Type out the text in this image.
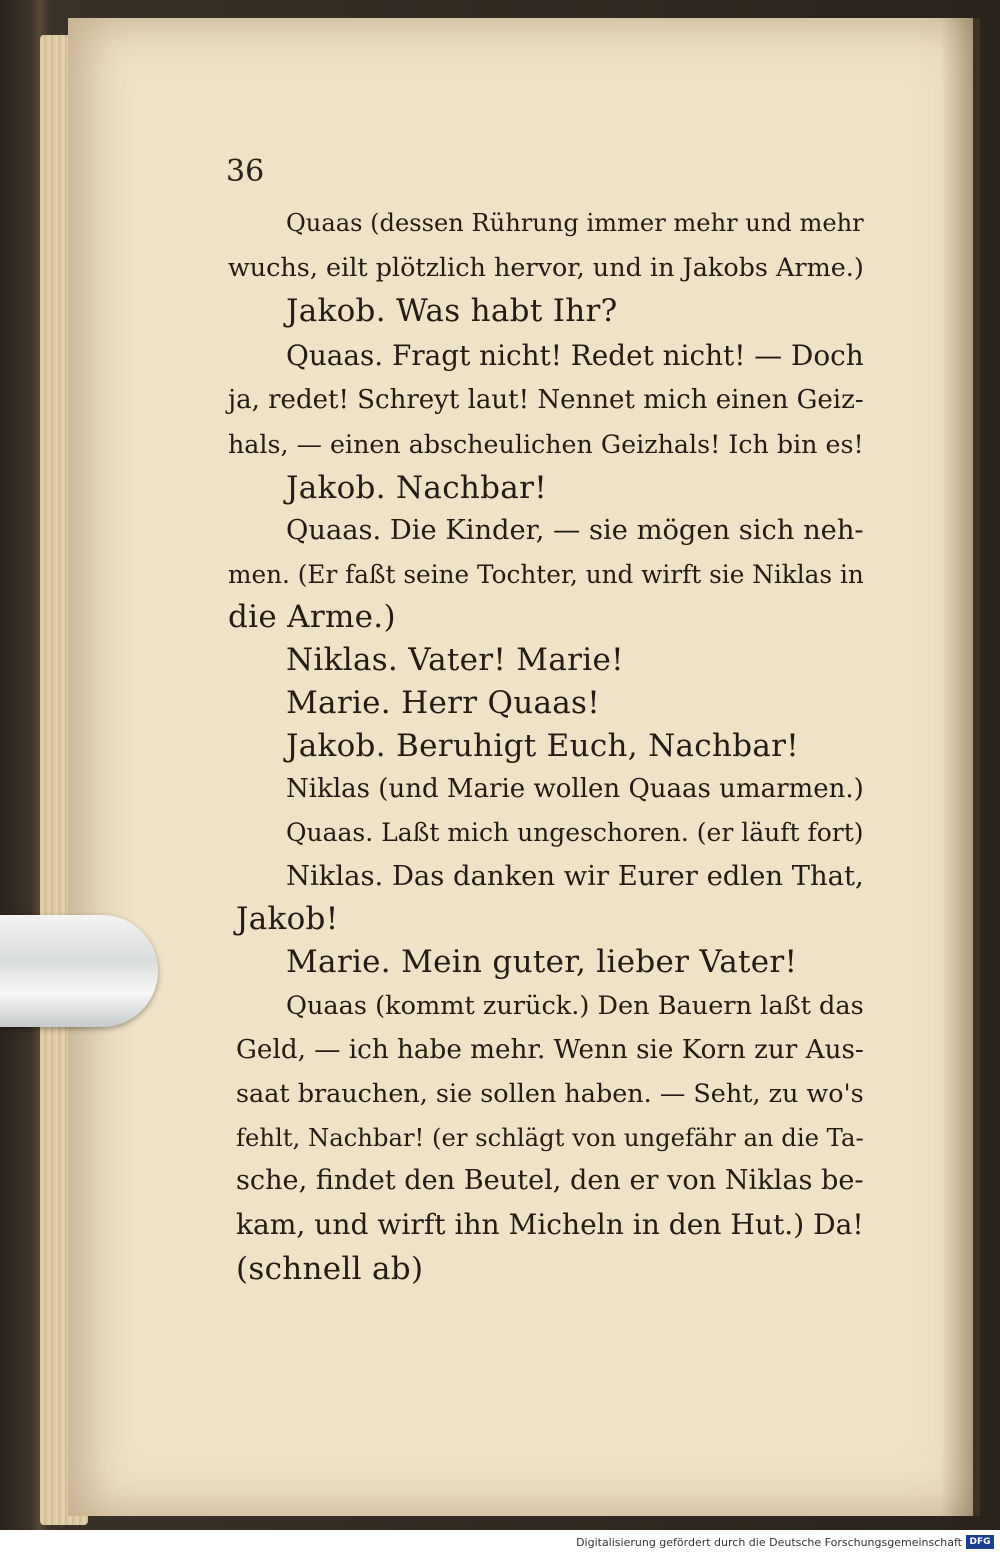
36
Quaas (dessen Rührung immer mehr und mehr
wuchs, eilt plötzlich hervor, und in Jakobs Arme.)
Jakob. Was habt Ihr?
Quaas. Fragt nicht! Redet nicht! — Doch
ja, redet! Schreyt laut! Nennet mich einen Geiz-
hals, — einen abscheulichen Geizhals! Ich bin es!
Jakob. Nachbar!
Quaas. Die Kinder, — sie mögen sich neh-
men. (Er faßt seine Tochter, und wirft sie Niklas in
die Arme.)
Niklas. Vater! Marie!
Marie. Herr Quaas!
Jakob. Beruhigt Euch, Nachbar!
Niklas (und Marie wollen Quaas umarmen.)
Quaas. Laßt mich ungeschoren. (er läuft fort)
Niklas. Das danken wir Eurer edlen That,
Jakob!
Marie. Mein guter, lieber Vater!
Quaas (kommt zurück.) Den Bauern laßt das
Geld, — ich habe mehr. Wenn sie Korn zur Aus-
saat brauchen, sie sollen haben. — Seht, zu wo's
fehlt, Nachbar! (er schlägt von ungefähr an die Ta-
sche, findet den Beutel, den er von Niklas be-
kam, und wirft ihn Micheln in den Hut.) Da!
(schnell ab)
Digitalisierung gefördert durch die Deutsche Forschungsgemeinschaft DFG
